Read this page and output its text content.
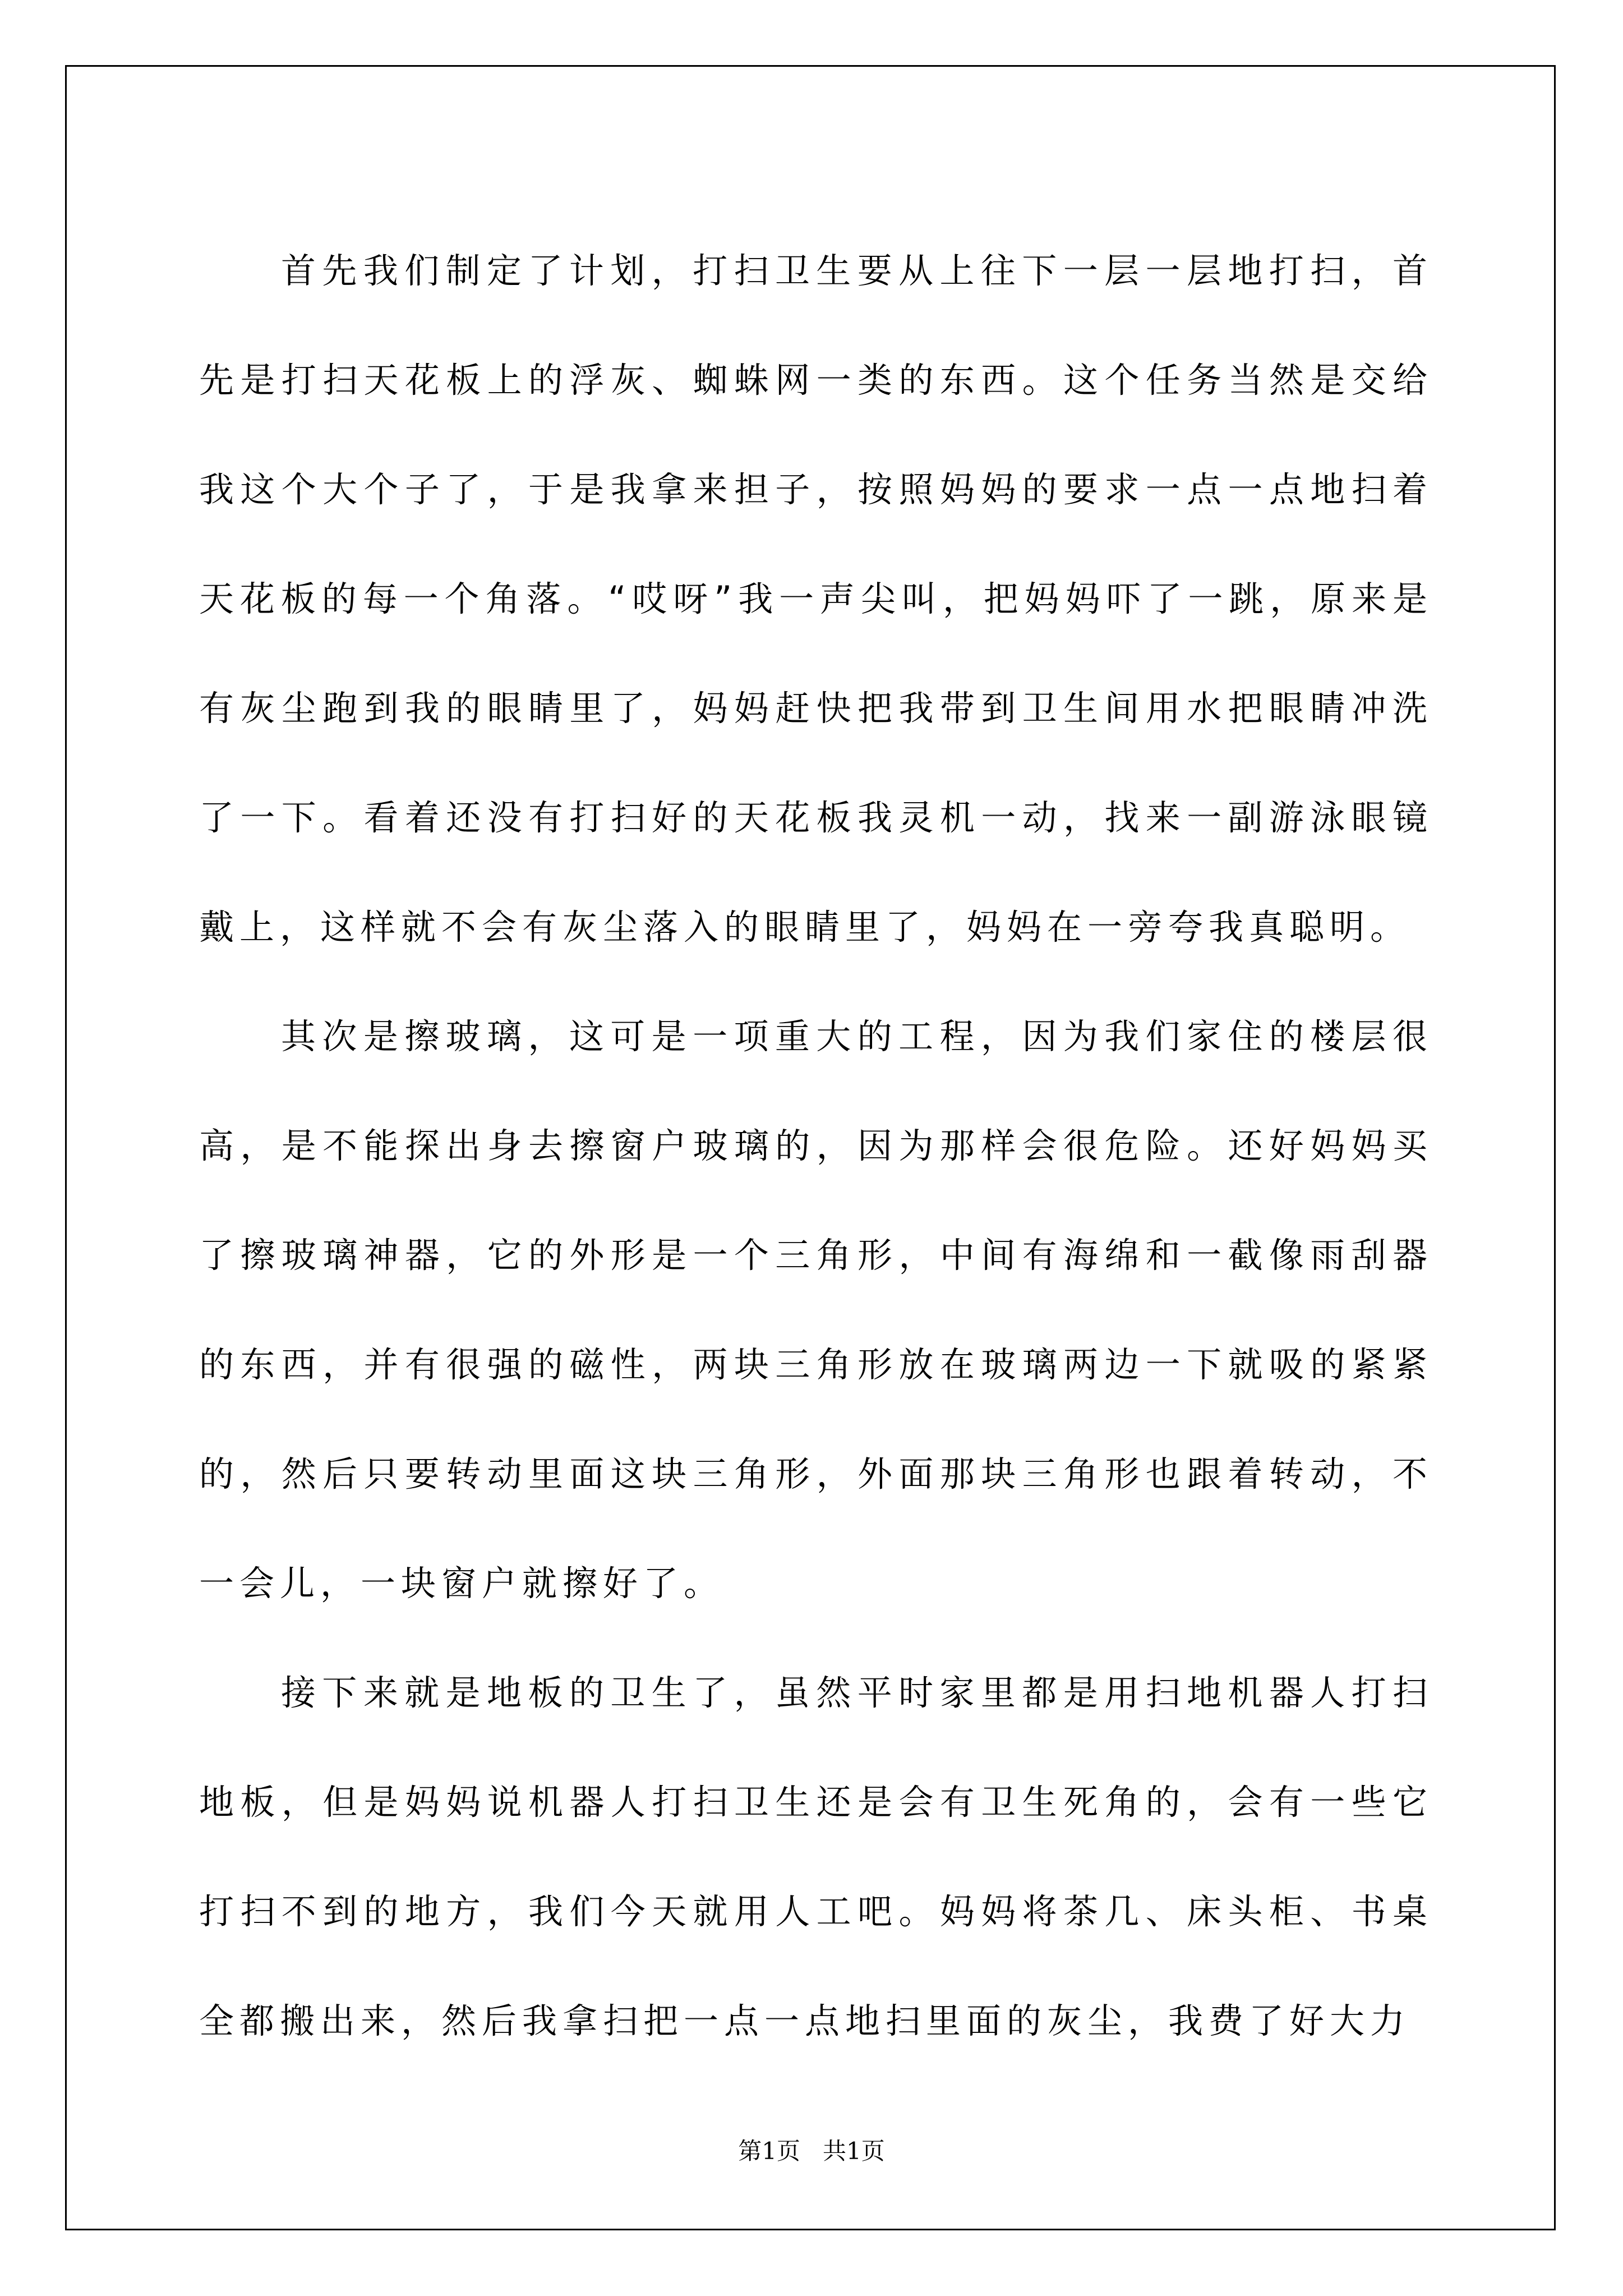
首先我们制定了计划，打扫卫生要从上往下一层一层地打扫，首先是打扫天花板上的浮灰、蜘蛛网一类的东西。这个任务当然是交给我这个大个子了，于是我拿来担子，按照妈妈的要求一点一点地扫着天花板的每一个角落。“哎呀”我一声尖叫，把妈妈吓了一跳，原来是有灰尘跑到我的眼睛里了，妈妈赶快把我带到卫生间用水把眼睛冲洗了一下。看着还没有打扫好的天花板我灵机一动，找来一副游泳眼镜戴上，这样就不会有灰尘落入的眼睛里了，妈妈在一旁夸我真聪明。

其次是擦玻璃，这可是一项重大的工程，因为我们家住的楼层很高，是不能探出身去擦窗户玻璃的，因为那样会很危险。还好妈妈买了擦玻璃神器，它的外形是一个三角形，中间有海绵和一截像雨刮器的东西，并有很强的磁性，两块三角形放在玻璃两边一下就吸的紧紧的，然后只要转动里面这块三角形，外面那块三角形也跟着转动，不一会儿，一块窗户就擦好了。

接下来就是地板的卫生了，虽然平时家里都是用扫地机器人打扫地板，但是妈妈说机器人打扫卫生还是会有卫生死角的，会有一些它打扫不到的地方，我们今天就用人工吧。妈妈将茶几、床头柜、书桌全都搬出来，然后我拿扫把一点一点地扫里面的灰尘，我费了好大力

第1页   共1页
